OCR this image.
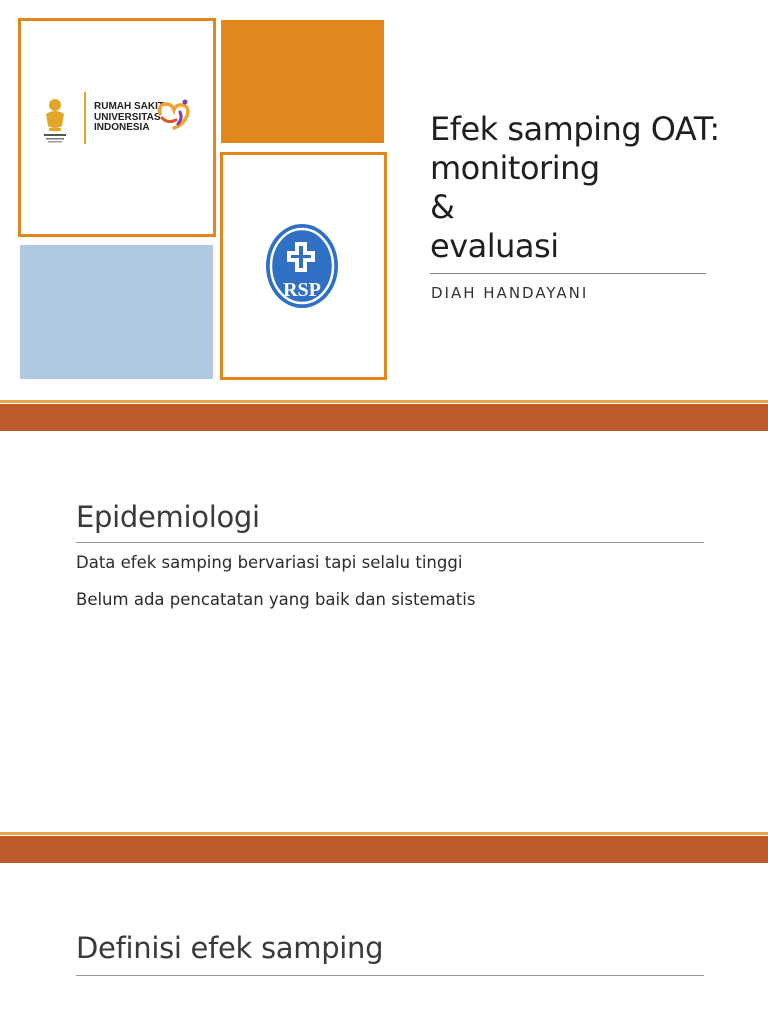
RUMAH SAKIT
UNIVERSITAS
INDONESIA
RSP
Efek samping OAT:
monitoring
&
evaluasi
DIAH HANDAYANI
Epidemiologi
Data efek samping bervariasi tapi selalu tinggi
Belum ada pencatatan yang baik dan sistematis
Definisi efek samping
